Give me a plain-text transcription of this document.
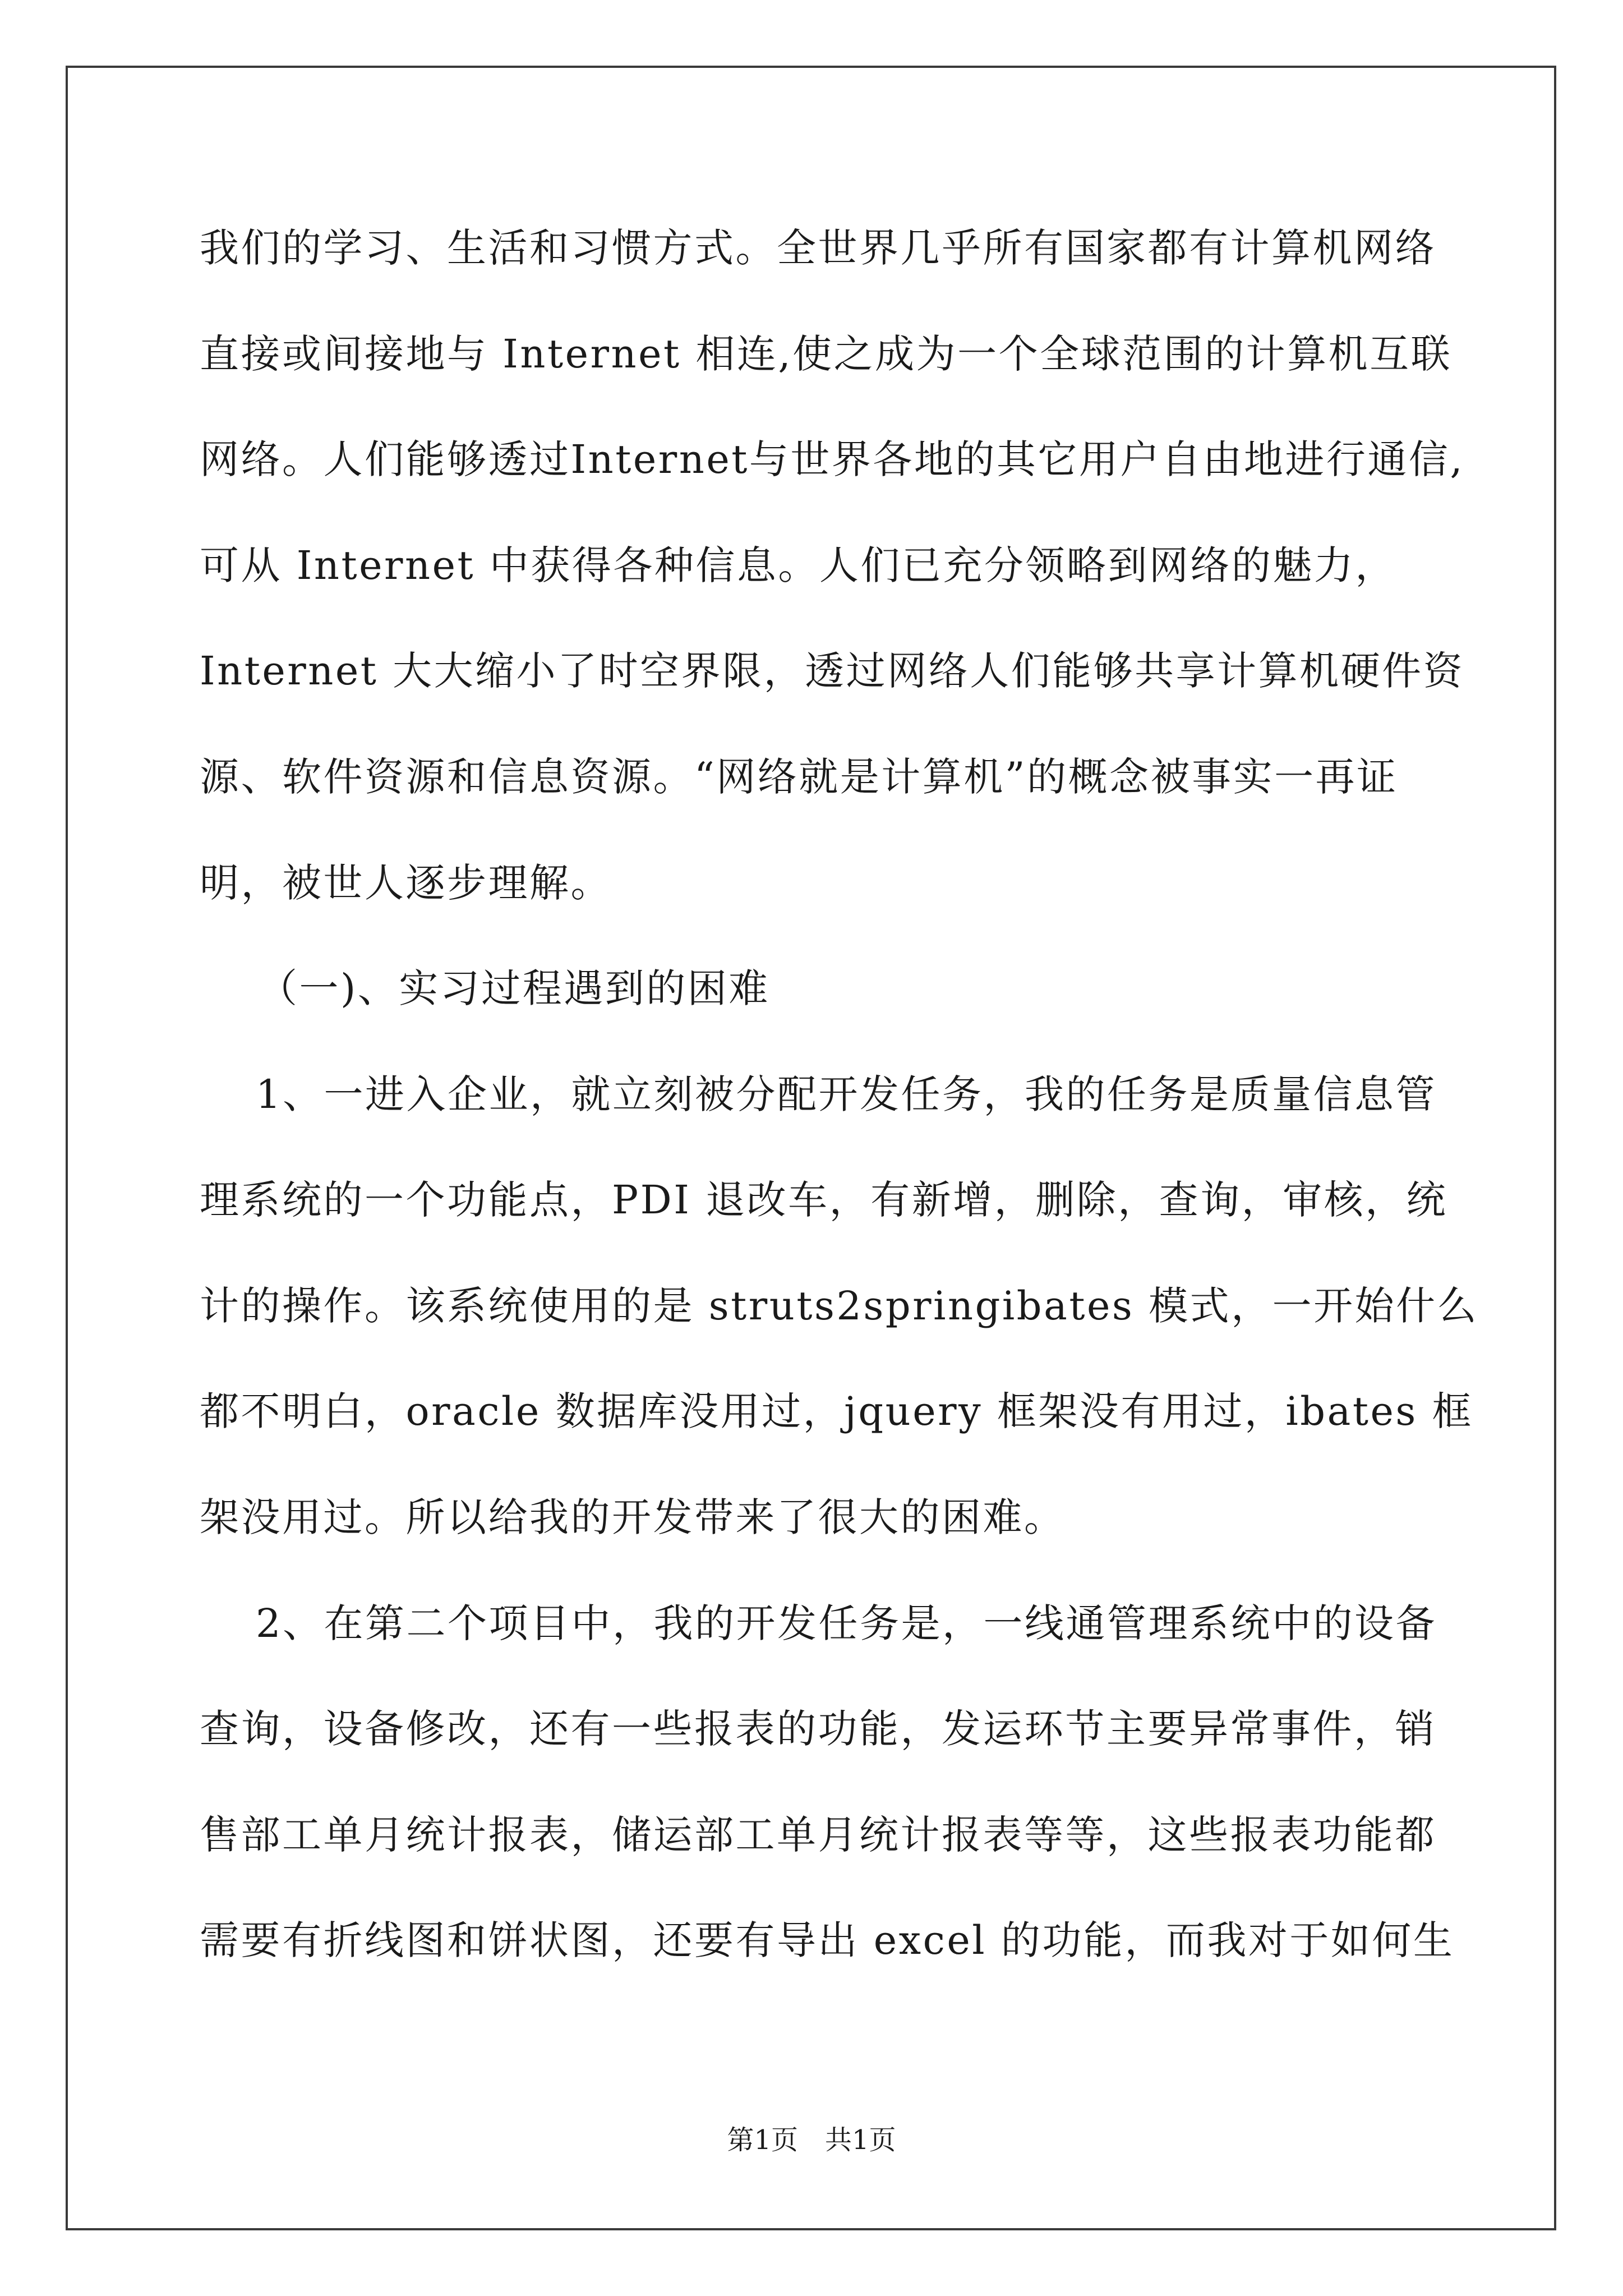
我们的学习、生活和习惯方式。全世界几乎所有国家都有计算机网络
直接或间接地与 Internet 相连,使之成为一个全球范围的计算机互联
网络。人们能够透过Internet与世界各地的其它用户自由地进行通信,
可从 Internet 中获得各种信息。人们已充分领略到网络的魅力，
Internet 大大缩小了时空界限，透过网络人们能够共享计算机硬件资
源、软件资源和信息资源。“网络就是计算机”的概念被事实一再证
明，被世人逐步理解。
（一)、实习过程遇到的困难
1、一进入企业，就立刻被分配开发任务，我的任务是质量信息管
理系统的一个功能点，PDI 退改车，有新增，删除，查询，审核，统
计的操作。该系统使用的是 struts2springibates 模式，一开始什么
都不明白，oracle 数据库没用过，jquery 框架没有用过，ibates 框
架没用过。所以给我的开发带来了很大的困难。
2、在第二个项目中，我的开发任务是，一线通管理系统中的设备
查询，设备修改，还有一些报表的功能，发运环节主要异常事件，销
售部工单月统计报表，储运部工单月统计报表等等，这些报表功能都
需要有折线图和饼状图，还要有导出 excel 的功能，而我对于如何生
第1页　共1页
